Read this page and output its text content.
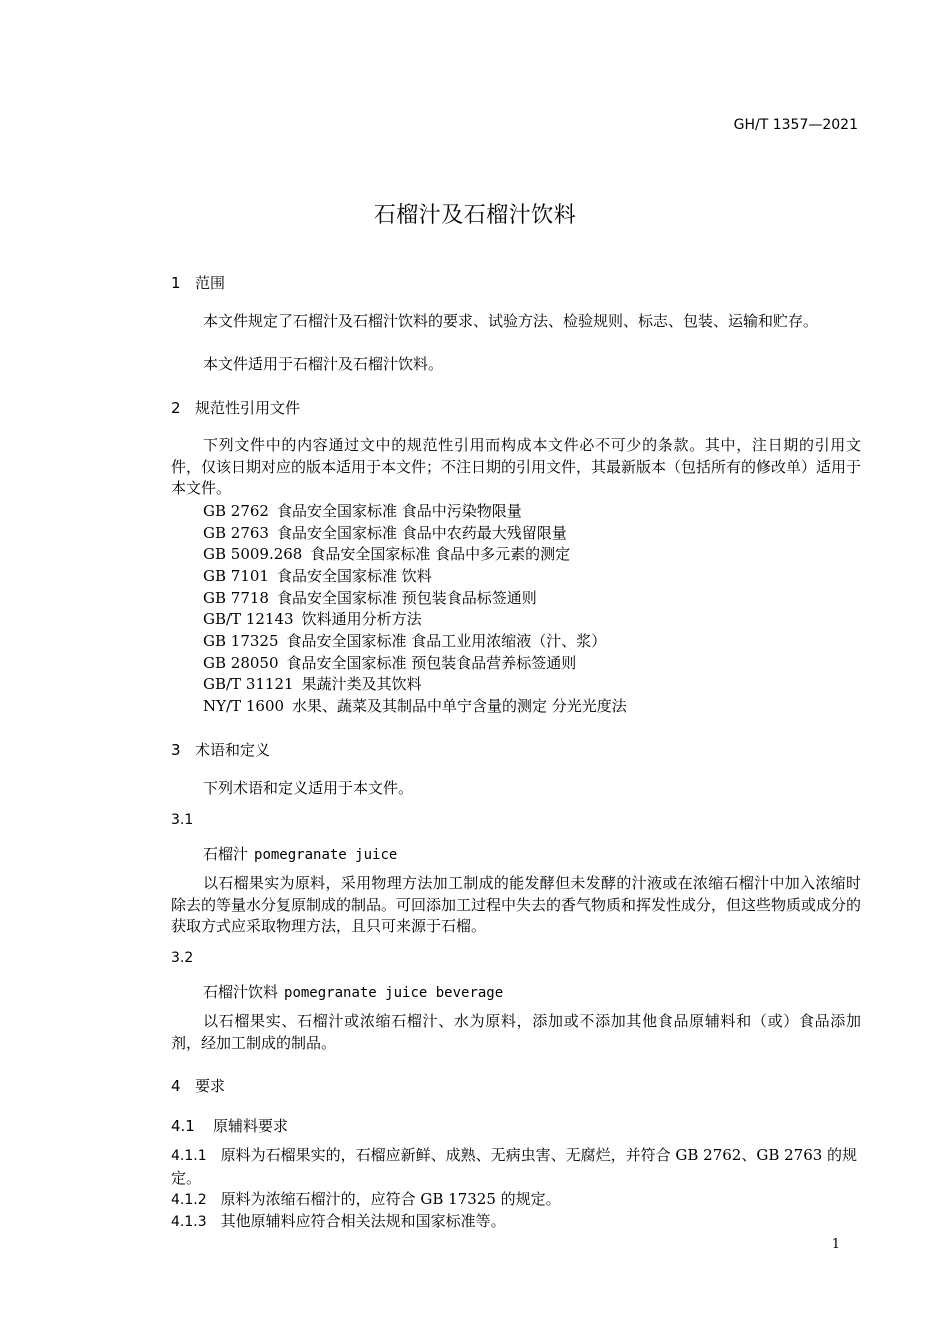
GH/T 1357—2021
石榴汁及石榴汁饮料
1 范围
本文件规定了石榴汁及石榴汁饮料的要求、试验方法、检验规则、标志、包装、运输和贮存。
本文件适用于石榴汁及石榴汁饮料。
2 规范性引用文件
下列文件中的内容通过文中的规范性引用而构成本文件必不可少的条款。其中，注日期的引用文件，仅该日期对应的版本适用于本文件；不注日期的引用文件，其最新版本（包括所有的修改单）适用于本文件。
GB 2762 食品安全国家标准 食品中污染物限量
GB 2763 食品安全国家标准 食品中农药最大残留限量
GB 5009.268 食品安全国家标准 食品中多元素的测定
GB 7101 食品安全国家标准 饮料
GB 7718 食品安全国家标准 预包装食品标签通则
GB/T 12143 饮料通用分析方法
GB 17325 食品安全国家标准 食品工业用浓缩液（汁、浆）
GB 28050 食品安全国家标准 预包装食品营养标签通则
GB/T 31121 果蔬汁类及其饮料
NY/T 1600 水果、蔬菜及其制品中单宁含量的测定 分光光度法
3 术语和定义
下列术语和定义适用于本文件。
3.1
石榴汁 pomegranate juice
以石榴果实为原料，采用物理方法加工制成的能发酵但未发酵的汁液或在浓缩石榴汁中加入浓缩时除去的等量水分复原制成的制品。可回添加工过程中失去的香气物质和挥发性成分，但这些物质或成分的获取方式应采取物理方法，且只可来源于石榴。
3.2
石榴汁饮料 pomegranate juice beverage
以石榴果实、石榴汁或浓缩石榴汁、水为原料，添加或不添加其他食品原辅料和（或）食品添加剂，经加工制成的制品。
4 要求
4.1 原辅料要求
4.1.1 原料为石榴果实的，石榴应新鲜、成熟、无病虫害、无腐烂，并符合 GB 2762、GB 2763 的规定。
4.1.2 原料为浓缩石榴汁的，应符合 GB 17325 的规定。
4.1.3 其他原辅料应符合相关法规和国家标准等。
1
